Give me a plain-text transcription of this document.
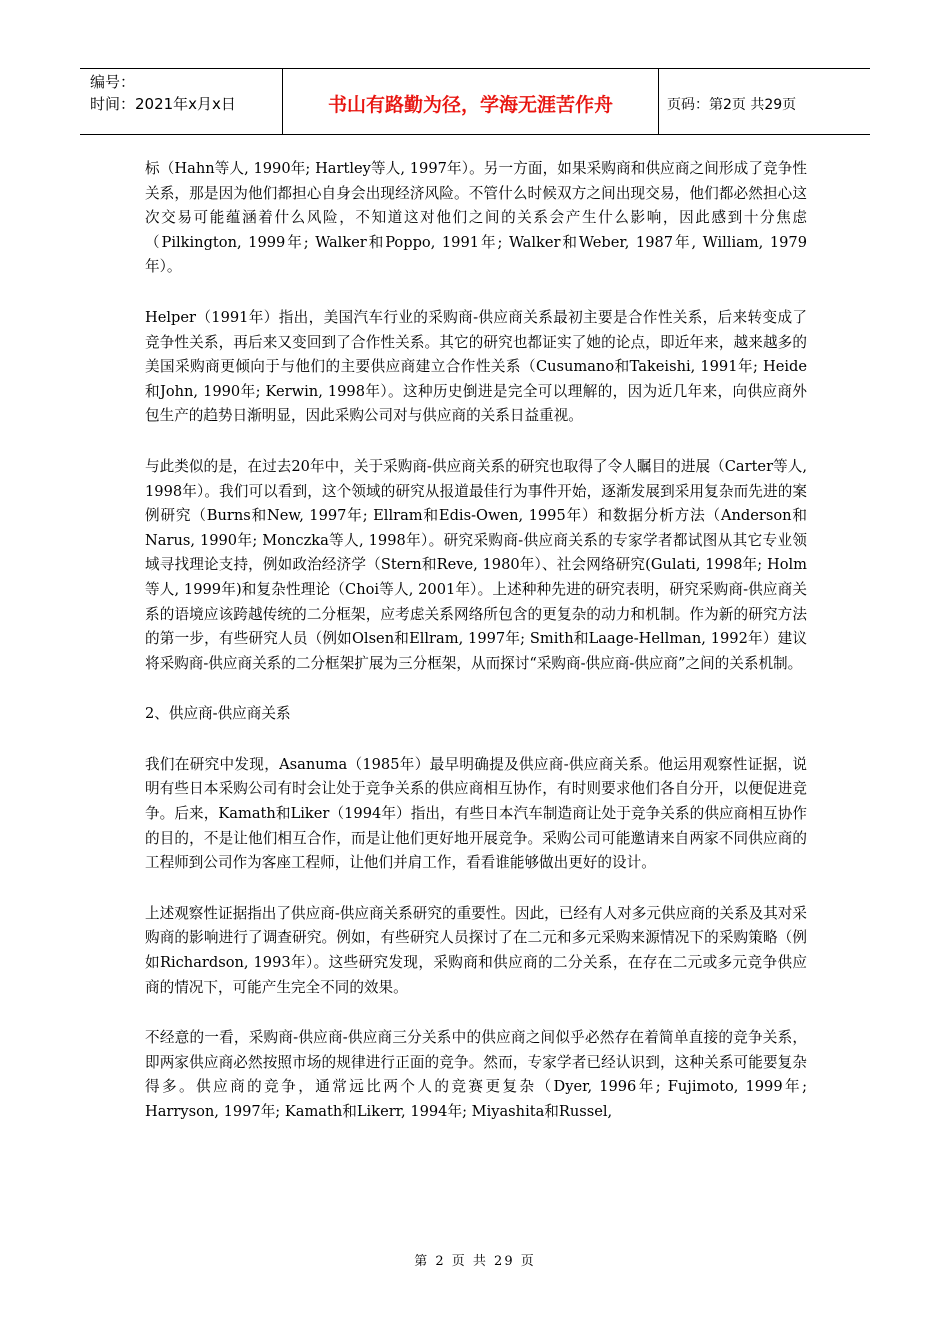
编号：
时间：2021年x月x日	书山有路勤为径，学海无涯苦作舟	页码：第2页 共29页

标（Hahn等人, 1990年; Hartley等人, 1997年）。另一方面，如果采购商和供应商之间形成了竞争性关系，那是因为他们都担心自身会出现经济风险。不管什么时候双方之间出现交易，他们都必然担心这次交易可能蕴涵着什么风险，不知道这对他们之间的关系会产生什么影响，因此感到十分焦虑（Pilkington, 1999年; Walker和Poppo, 1991年; Walker和Weber, 1987年, William, 1979年）。

Helper（1991年）指出，美国汽车行业的采购商-供应商关系最初主要是合作性关系，后来转变成了竞争性关系，再后来又变回到了合作性关系。其它的研究也都证实了她的论点，即近年来，越来越多的美国采购商更倾向于与他们的主要供应商建立合作性关系（Cusumano和Takeishi, 1991年; Heide和John, 1990年; Kerwin, 1998年）。这种历史倒进是完全可以理解的，因为近几年来，向供应商外包生产的趋势日渐明显，因此采购公司对与供应商的关系日益重视。

与此类似的是，在过去20年中，关于采购商-供应商关系的研究也取得了令人瞩目的进展（Carter等人, 1998年）。我们可以看到，这个领域的研究从报道最佳行为事件开始，逐渐发展到采用复杂而先进的案例研究（Burns和New, 1997年; Ellram和Edis-Owen, 1995年）和数据分析方法（Anderson和Narus, 1990年; Monczka等人, 1998年）。研究采购商-供应商关系的专家学者都试图从其它专业领域寻找理论支持，例如政治经济学（Stern和Reve, 1980年）、社会网络研究(Gulati, 1998年; Holm等人, 1999年)和复杂性理论（Choi等人, 2001年）。上述种种先进的研究表明，研究采购商-供应商关系的语境应该跨越传统的二分框架，应考虑关系网络所包含的更复杂的动力和机制。作为新的研究方法的第一步，有些研究人员（例如Olsen和Ellram, 1997年; Smith和Laage-Hellman, 1992年）建议将采购商-供应商关系的二分框架扩展为三分框架，从而探讨“采购商-供应商-供应商”之间的关系机制。

2、供应商-供应商关系

我们在研究中发现，Asanuma（1985年）最早明确提及供应商-供应商关系。他运用观察性证据，说明有些日本采购公司有时会让处于竞争关系的供应商相互协作，有时则要求他们各自分开，以便促进竞争。后来，Kamath和Liker（1994年）指出，有些日本汽车制造商让处于竞争关系的供应商相互协作的目的，不是让他们相互合作，而是让他们更好地开展竞争。采购公司可能邀请来自两家不同供应商的工程师到公司作为客座工程师，让他们并肩工作，看看谁能够做出更好的设计。

上述观察性证据指出了供应商-供应商关系研究的重要性。因此，已经有人对多元供应商的关系及其对采购商的影响进行了调查研究。例如，有些研究人员探讨了在二元和多元采购来源情况下的采购策略（例如Richardson, 1993年）。这些研究发现，采购商和供应商的二分关系，在存在二元或多元竞争供应商的情况下，可能产生完全不同的效果。

不经意的一看，采购商-供应商-供应商三分关系中的供应商之间似乎必然存在着简单直接的竞争关系，即两家供应商必然按照市场的规律进行正面的竞争。然而，专家学者已经认识到，这种关系可能要复杂得多。供应商的竞争，通常远比两个人的竞赛更复杂（Dyer, 1996年; Fujimoto, 1999年; Harryson, 1997年; Kamath和Likerr, 1994年; Miyashita和Russel,

第 2 页 共 29 页
